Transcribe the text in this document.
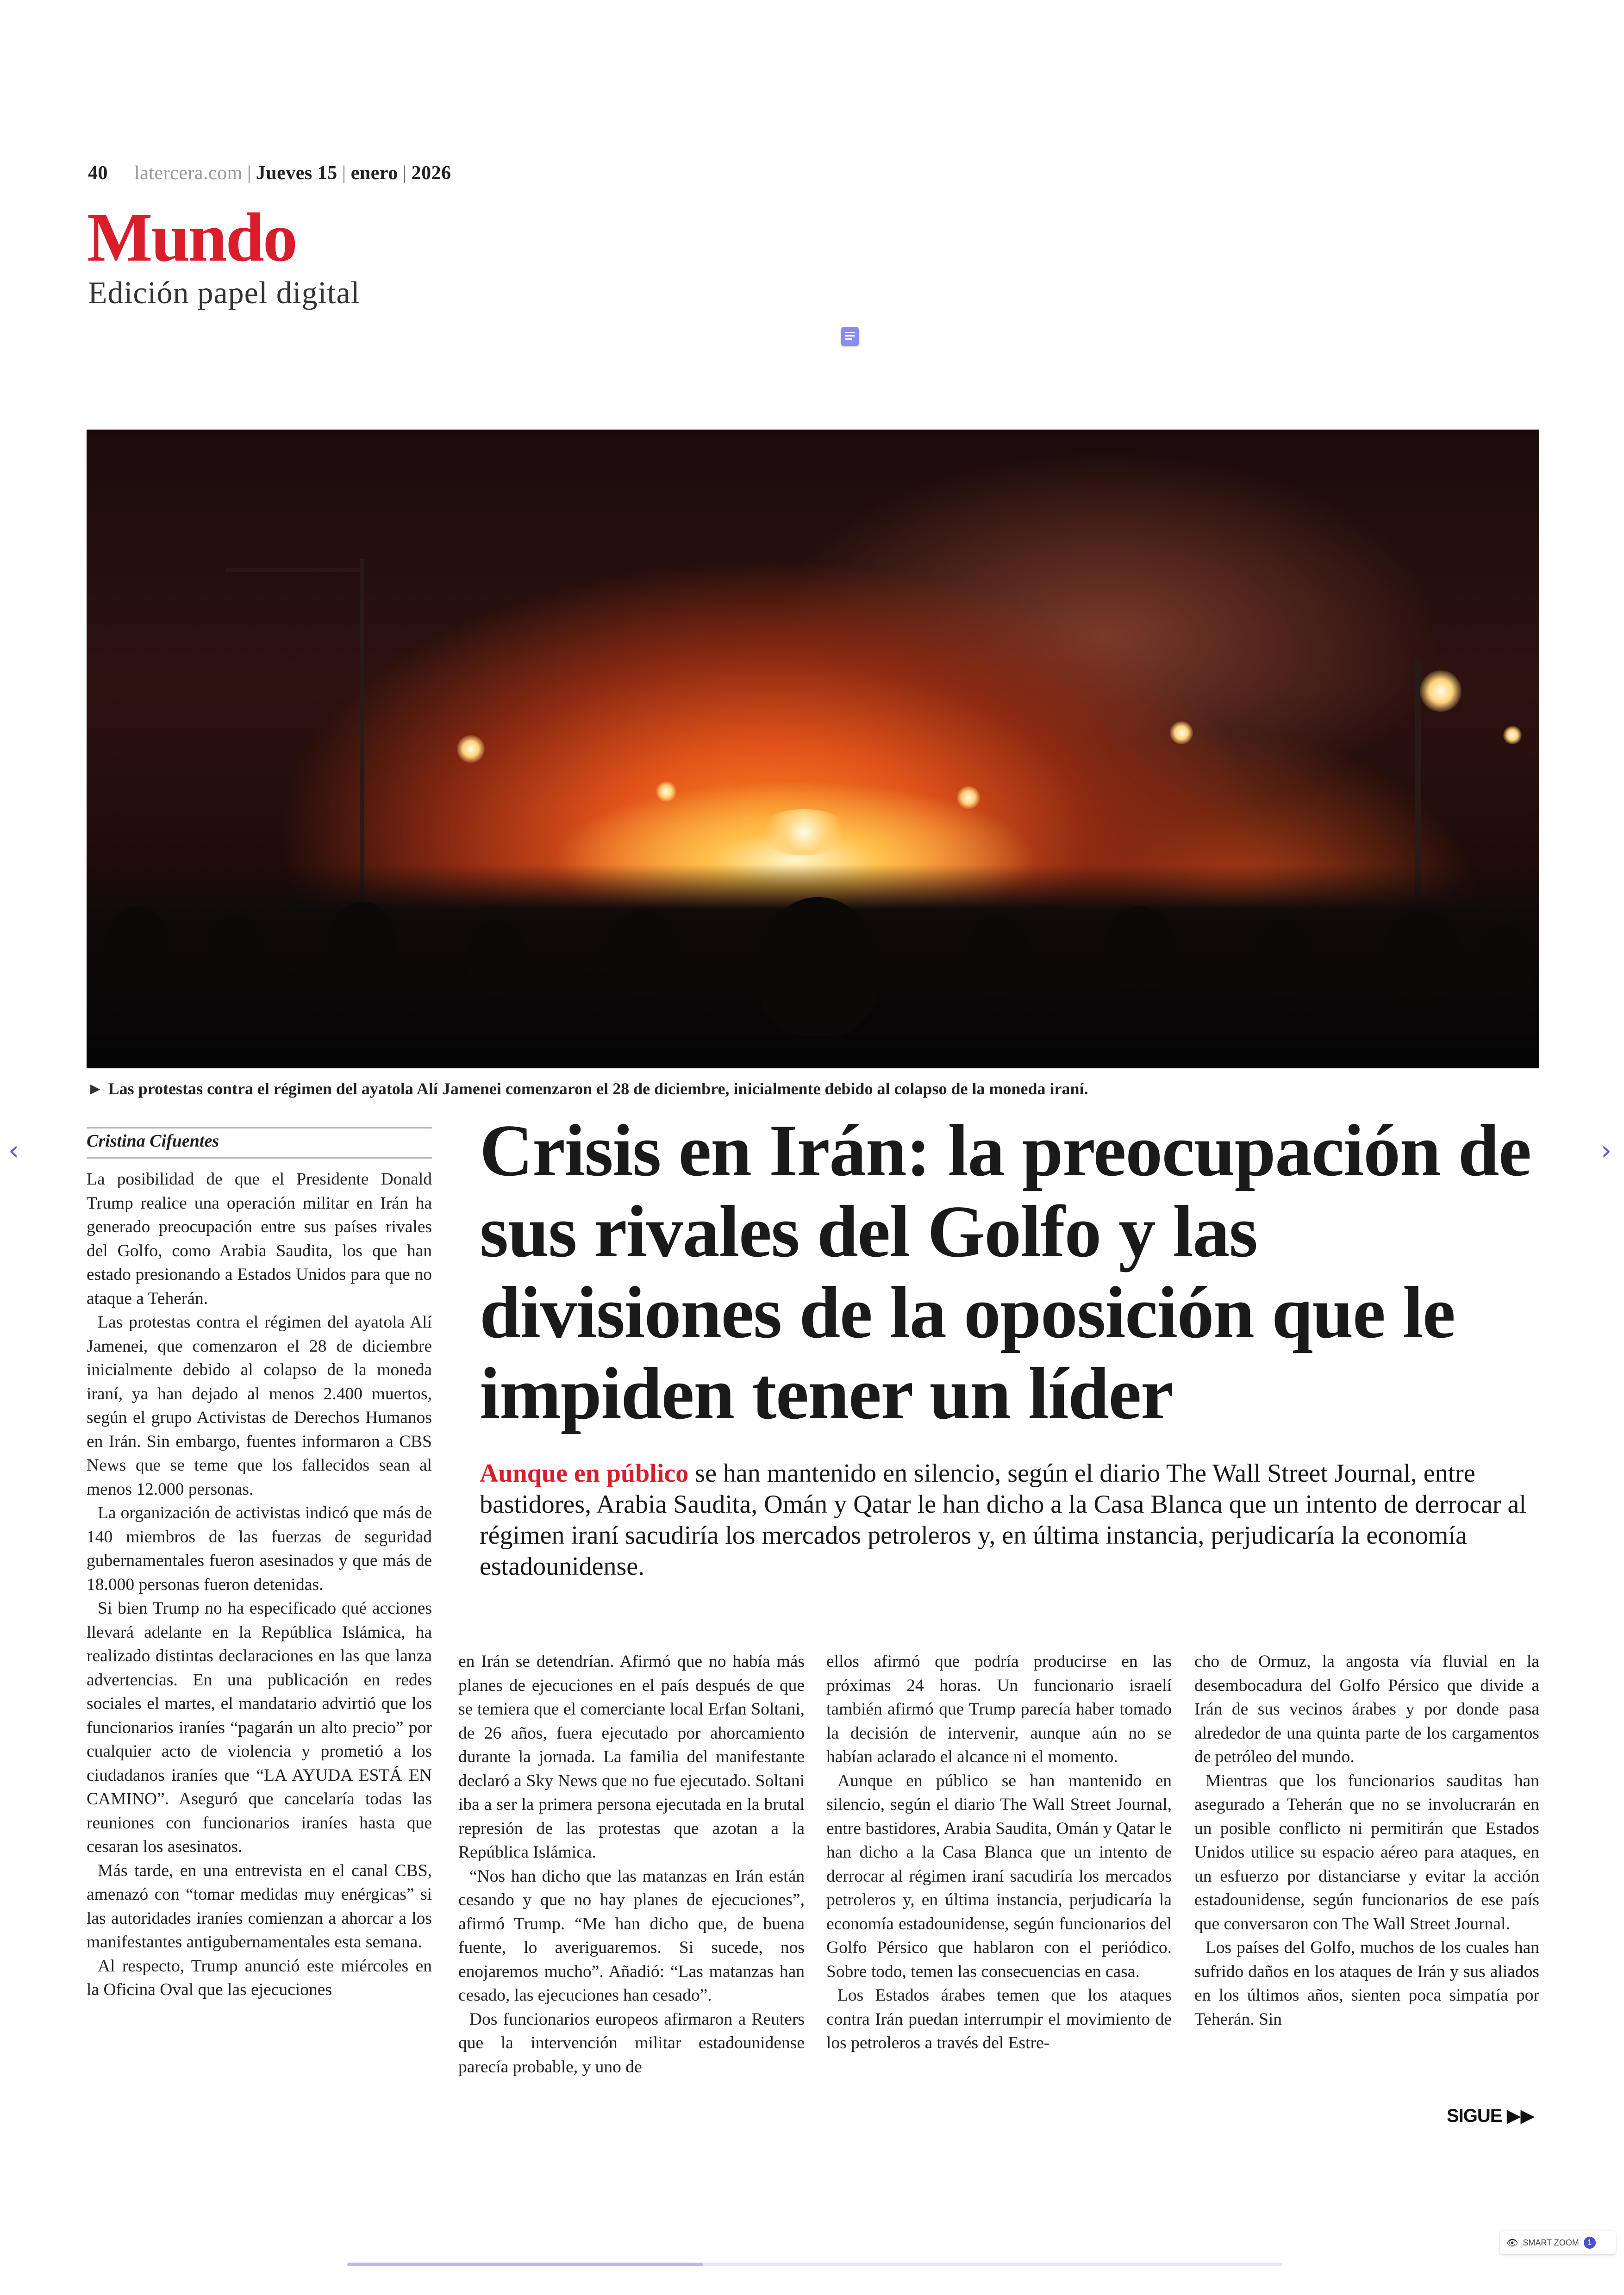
40 latercera.com | Jueves 15 | enero | 2026
Mundo
Edición papel digital
► Las protestas contra el régimen del ayatola Alí Jamenei comenzaron el 28 de diciembre, inicialmente debido al colapso de la moneda iraní.
‹	›
Cristina Cifuentes	Crisis en Irán: la preocupación de sus rivales del Golfo y las divisiones de la oposición que le impiden tener un líder

Aunque en público se han mantenido en silencio, según el diario The Wall Street Journal, entre bastidores, Arabia Saudita, Omán y Qatar le han dicho a la Casa Blanca que un intento de derrocar al régimen iraní sacudiría los mercados petroleros y, en última instancia, perjudicaría la economía estadounidense.

La posibilidad de que el Presidente Donald Trump realice una operación militar en Irán ha generado preocupación entre sus países rivales del Golfo, como Arabia Saudita, los que han estado presionando a Estados Unidos para que no ataque a Teherán.

Las protestas contra el régimen del ayatola Alí Jamenei, que comenzaron el 28 de diciembre inicialmente debido al colapso de la moneda iraní, ya han dejado al menos 2.400 muertos, según el grupo Activistas de Derechos Humanos en Irán. Sin embargo, fuentes informaron a CBS News que se teme que los fallecidos sean al menos 12.000 personas.

La organización de activistas indicó que más de 140 miembros de las fuerzas de seguridad gubernamentales fueron asesinados y que más de 18.000 personas fueron detenidas.

Si bien Trump no ha especificado qué acciones llevará adelante en la República Islámica, ha realizado distintas declaraciones en las que lanza advertencias. En una publicación en redes sociales el martes, el mandatario advirtió que los funcionarios iraníes “pagarán un alto precio” por cualquier acto de violencia y prometió a los ciudadanos iraníes que “LA AYUDA ESTÁ EN CAMINO”. Aseguró que cancelaría todas las reuniones con funcionarios iraníes hasta que cesaran los asesinatos.

Más tarde, en una entrevista en el canal CBS, amenazó con “tomar medidas muy enérgicas” si las autoridades iraníes comienzan a ahorcar a los manifestantes antigubernamentales esta semana.

Al respecto, Trump anunció este miércoles en la Oficina Oval que las ejecuciones

en Irán se detendrían. Afirmó que no había más planes de ejecuciones en el país después de que se temiera que el comerciante local Erfan Soltani, de 26 años, fuera ejecutado por ahorcamiento durante la jornada. La familia del manifestante declaró a Sky News que no fue ejecutado. Soltani iba a ser la primera persona ejecutada en la brutal represión de las protestas que azotan a la República Islámica.

“Nos han dicho que las matanzas en Irán están cesando y que no hay planes de ejecuciones”, afirmó Trump. “Me han dicho que, de buena fuente, lo averiguaremos. Si sucede, nos enojaremos mucho”. Añadió: “Las matanzas han cesado, las ejecuciones han cesado”.

Dos funcionarios europeos afirmaron a Reuters que la intervención militar estadounidense parecía probable, y uno de

ellos afirmó que podría producirse en las próximas 24 horas. Un funcionario israelí también afirmó que Trump parecía haber tomado la decisión de intervenir, aunque aún no se habían aclarado el alcance ni el momento.

Aunque en público se han mantenido en silencio, según el diario The Wall Street Journal, entre bastidores, Arabia Saudita, Omán y Qatar le han dicho a la Casa Blanca que un intento de derrocar al régimen iraní sacudiría los mercados petroleros y, en última instancia, perjudicaría la economía estadounidense, según funcionarios del Golfo Pérsico que hablaron con el periódico. Sobre todo, temen las consecuencias en casa.

Los Estados árabes temen que los ataques contra Irán puedan interrumpir el movimiento de los petroleros a través del Estre-

cho de Ormuz, la angosta vía fluvial en la desembocadura del Golfo Pérsico que divide a Irán de sus vecinos árabes y por donde pasa alrededor de una quinta parte de los cargamentos de petróleo del mundo.

Mientras que los funcionarios sauditas han asegurado a Teherán que no se involucrarán en un posible conflicto ni permitirán que Estados Unidos utilice su espacio aéreo para ataques, en un esfuerzo por distanciarse y evitar la acción estadounidense, según funcionarios de ese país que conversaron con The Wall Street Journal.

Los países del Golfo, muchos de los cuales han sufrido daños en los ataques de Irán y sus aliados en los últimos años, sienten poca simpatía por Teherán. Sin

SIGUE ▶▶
👁 SMART ZOOM	1
